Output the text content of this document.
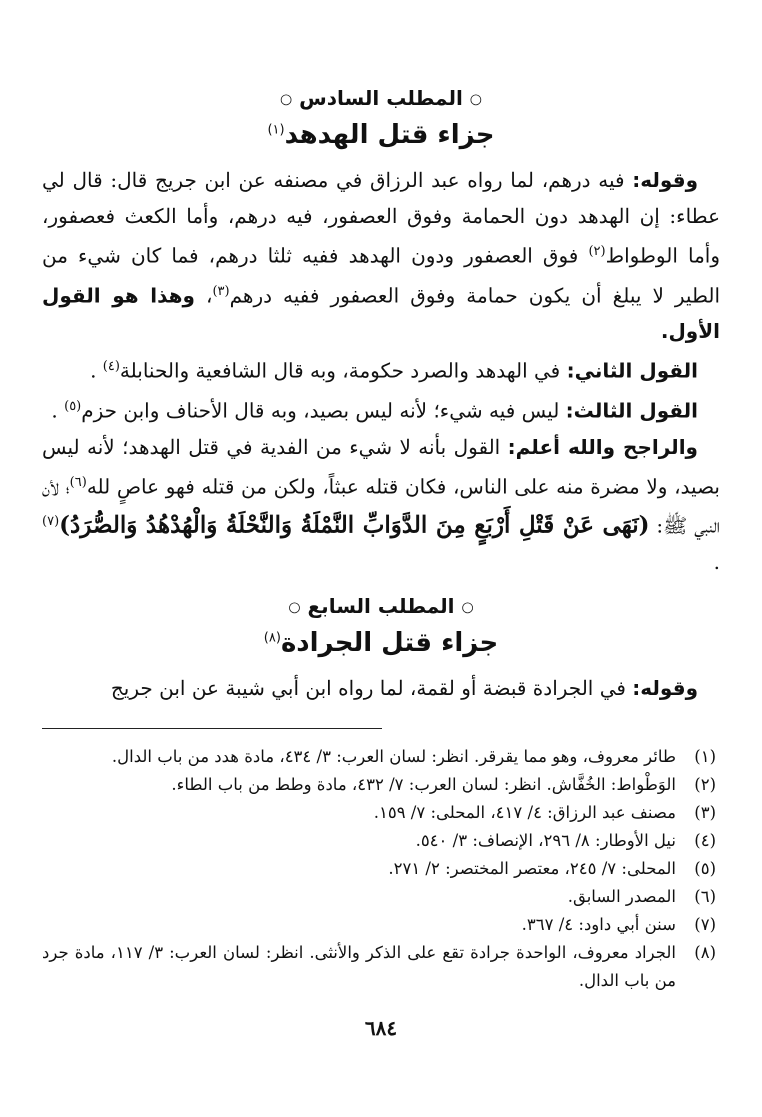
○ المطلب السادس ○
جزاء قتل الهدهد$^{(١)}$

وقوله: فيه درهم، لما رواه عبد الرزاق في مصنفه عن ابن جريج قال: قال لي عطاء: إن الهدهد دون الحمامة وفوق العصفور، فيه درهم، وأما الكعث فعصفور، وأما الوطواط$^{(٢)}$ فوق العصفور ودون الهدهد ففيه ثلثا درهم، فما كان شيء من الطير لا يبلغ أن يكون حمامة وفوق العصفور ففيه درهم$^{(٣)}$، وهذا هو القول الأول.

القول الثاني: في الهدهد والصرد حكومة، وبه قال الشافعية والحنابلة$^{(٤)}$ .

القول الثالث: ليس فيه شيء؛ لأنه ليس بصيد، وبه قال الأحناف وابن حزم$^{(٥)}$ .

والراجح والله أعلم: القول بأنه لا شيء من الفدية في قتل الهدهد؛ لأنه ليس بصيد، ولا مضرة منه على الناس، فكان قتله عبثاً، ولكن من قتله فهو عاصٍ لله$^{(٦)}$؛ لأن النبي ﷺ: (نَهَى عَنْ قَتْلِ أَرْبَعٍ مِنَ الدَّوَابِّ النَّمْلَةُ وَالنَّحْلَةُ وَالْهُدْهُدُ وَالصُّرَدُ)$^{(٧)}$ .

○ المطلب السابع ○
جزاء قتل الجرادة$^{(٨)}$

وقوله: في الجرادة قبضة أو لقمة، لما رواه ابن أبي شيبة عن ابن جريج

(١)
طائر معروف، وهو مما يقرقر. انظر: لسان العرب: ٣/ ٤٣٤، مادة هدد من باب الدال.
(٢)
الوَطْواط: الخُفَّاش. انظر: لسان العرب: ٧/ ٤٣٢، مادة وطط من باب الطاء.
(٣)
مصنف عبد الرزاق: ٤/ ٤١٧، المحلى: ٧/ ١٥٩.
(٤)
نيل الأوطار: ٨/ ٢٩٦، الإنصاف: ٣/ ٥٤٠.
(٥)
المحلى: ٧/ ٢٤٥، معتصر المختصر: ٢/ ٢٧١.
(٦)
المصدر السابق.
(٧)
سنن أبي داود: ٤/ ٣٦٧.
(٨)
الجراد معروف، الواحدة جرادة تقع على الذكر والأنثى. انظر: لسان العرب: ٣/ ١١٧، مادة جرد من باب الدال.
٦٨٤
